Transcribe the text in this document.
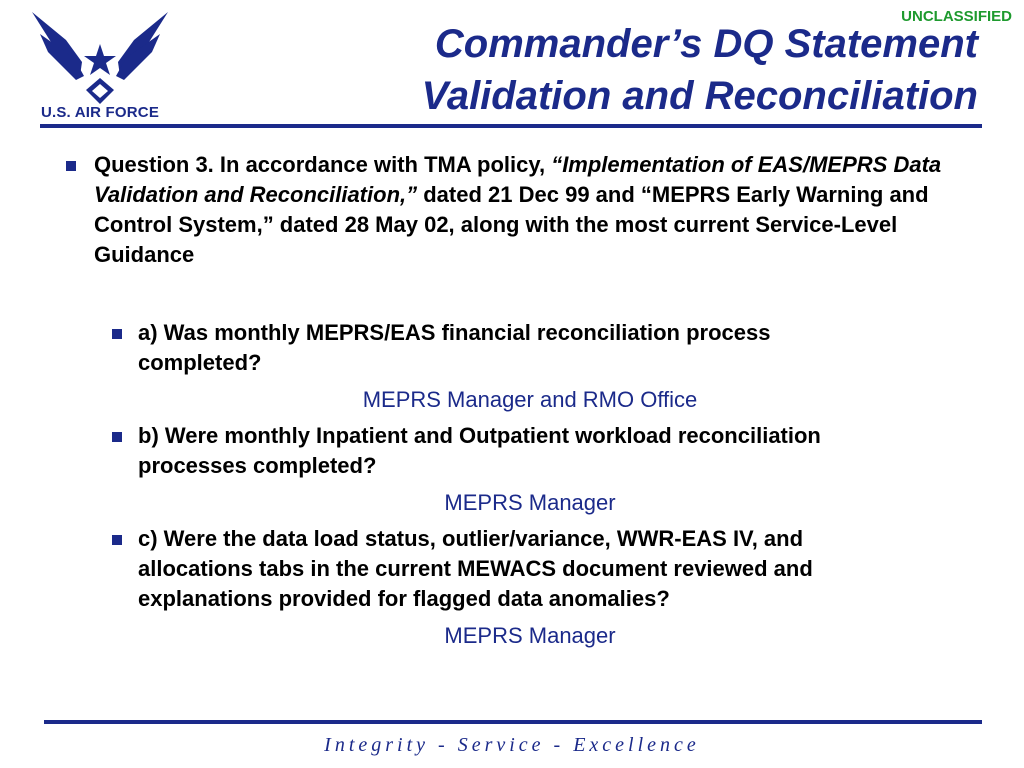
UNCLASSIFIED
U.S. AIR FORCE
Commander’s DQ Statement
Validation and Reconciliation
Question 3. In accordance with TMA policy, “Implementation of EAS/MEPRS Data Validation and Reconciliation,” dated 21 Dec 99 and “MEPRS Early Warning and Control System,” dated 28 May 02, along with the most current Service-Level Guidance
a) Was monthly MEPRS/EAS financial reconciliation process completed?
MEPRS Manager and RMO Office
b) Were monthly Inpatient and Outpatient workload reconciliation processes completed?
MEPRS Manager
c) Were the data load status, outlier/variance, WWR-EAS IV, and allocations tabs in the current MEWACS document reviewed and explanations provided for flagged data anomalies?
MEPRS Manager
Integrity - Service - Excellence
